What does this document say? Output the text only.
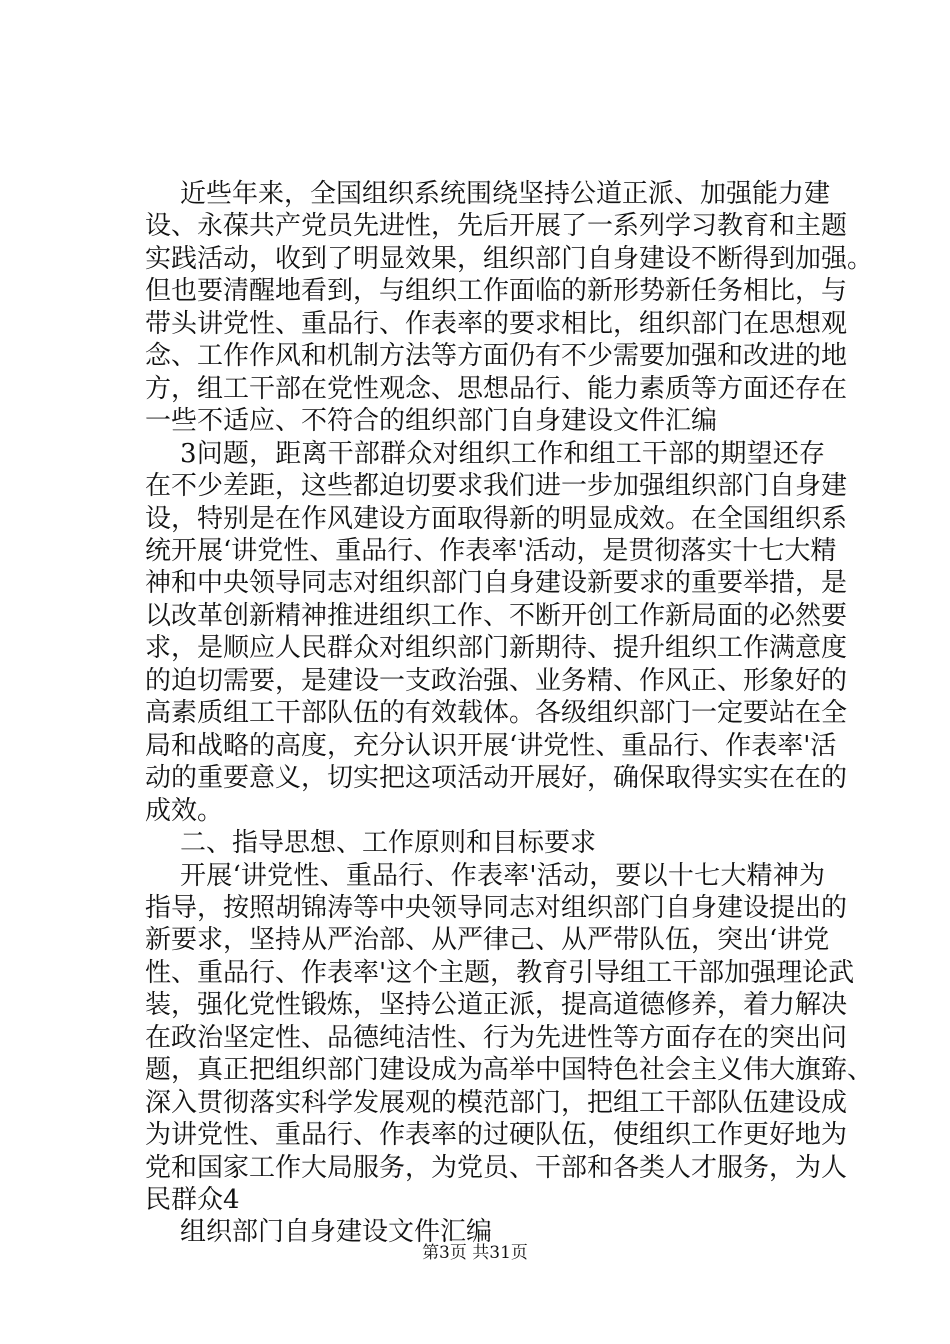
近些年来，全国组织系统围绕坚持公道正派、加强能力建
设、永葆共产党员先进性，先后开展了一系列学习教育和主题
实践活动，收到了明显效果，组织部门自身建设不断得到加强。
但也要清醒地看到，与组织工作面临的新形势新任务相比，与
带头讲党性、重品行、作表率的要求相比，组织部门在思想观
念、工作作风和机制方法等方面仍有不少需要加强和改进的地
方，组工干部在党性观念、思想品行、能力素质等方面还存在
一些不适应、不符合的组织部门自身建设文件汇编
3问题，距离干部群众对组织工作和组工干部的期望还存
在不少差距，这些都迫切要求我们进一步加强组织部门自身建
设，特别是在作风建设方面取得新的明显成效。在全国组织系
统开展‘讲党性、重品行、作表率'活动，是贯彻落实十七大精
神和中央领导同志对组织部门自身建设新要求的重要举措，是
以改革创新精神推进组织工作、不断开创工作新局面的必然要
求，是顺应人民群众对组织部门新期待、提升组织工作满意度
的迫切需要，是建设一支政治强、业务精、作风正、形象好的
高素质组工干部队伍的有效载体。各级组织部门一定要站在全
局和战略的高度，充分认识开展‘讲党性、重品行、作表率'活
动的重要意义，切实把这项活动开展好，确保取得实实在在的
成效。
二、指导思想、工作原则和目标要求
开展‘讲党性、重品行、作表率'活动，要以十七大精神为
指导，按照胡锦涛等中央领导同志对组织部门自身建设提出的
新要求，坚持从严治部、从严律己、从严带队伍，突出‘讲党
性、重品行、作表率'这个主题，教育引导组工干部加强理论武
装，强化党性锻炼，坚持公道正派，提高道德修养，着力解决
在政治坚定性、品德纯洁性、行为先进性等方面存在的突出问
题，真正把组织部门建设成为高举中国特色社会主义伟大旗臶、
深入贯彻落实科学发展观的模范部门，把组工干部队伍建设成
为讲党性、重品行、作表率的过硬队伍，使组织工作更好地为
党和国家工作大局服务，为党员、干部和各类人才服务，为人
民群众4
组织部门自身建设文件汇编
第3页 共31页
